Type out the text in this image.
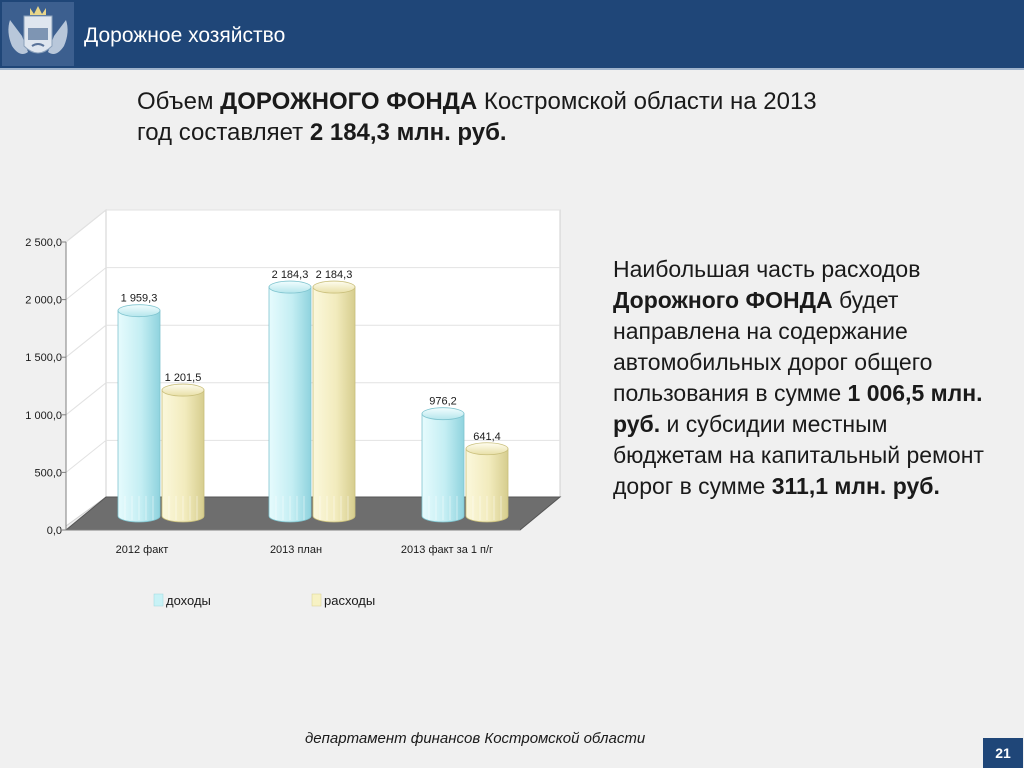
Дорожное хозяйство
Объем ДОРОЖНОГО ФОНДА Костромской области на 2013 год составляет 2 184,3 млн. руб.
0,0
500,0
1 000,0
1 500,0
2 000,0
2 500,0
1 959,3
1 201,5
2 184,3 2 184,3
976,2
641,4
2012 факт	2013 план	2013 факт за 1 п/г
доходы	расходы
Наибольшая часть расходов Дорожного ФОНДА будет направлена на содержание автомобильных дорог общего пользования в сумме 1 006,5 млн. руб. и субсидии местным бюджетам на капитальный ремонт дорог в сумме 311,1 млн. руб.
департамент финансов Костромской области
21
